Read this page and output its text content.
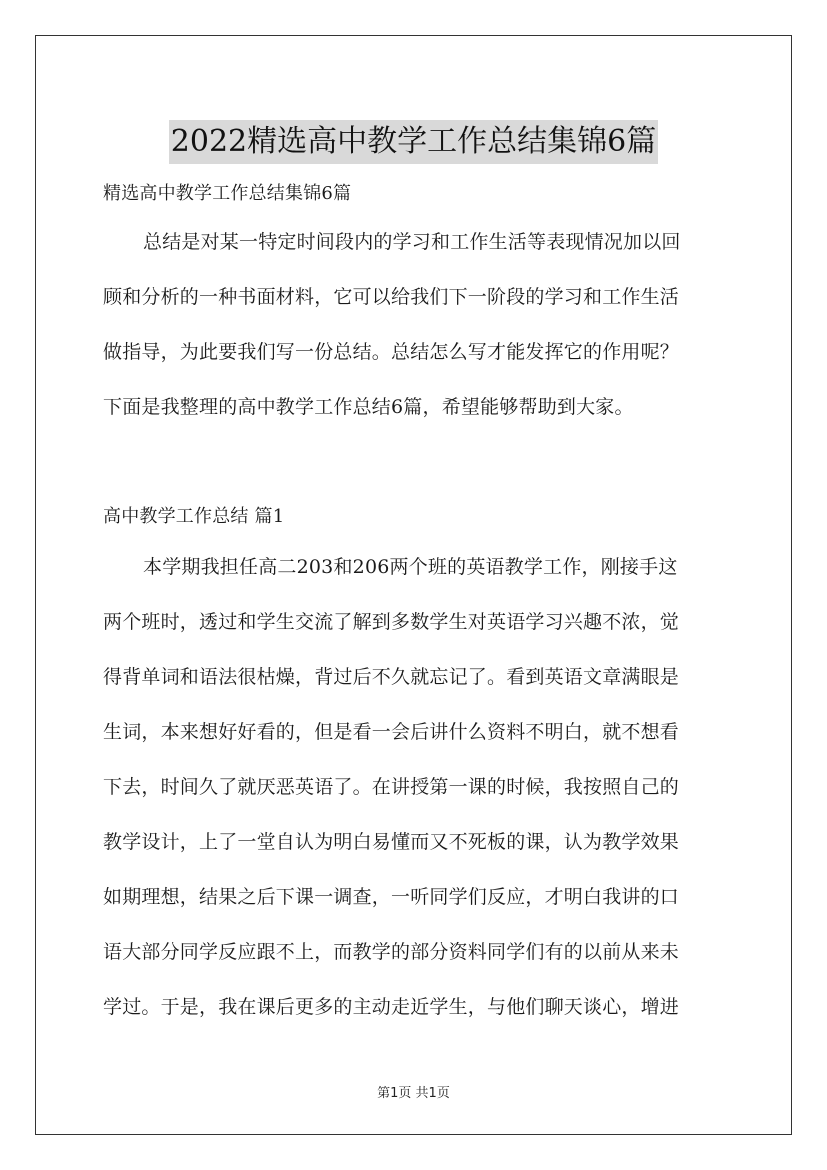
2022精选高中教学工作总结集锦6篇
精选高中教学工作总结集锦6篇
总结是对某一特定时间段内的学习和工作生活等表现情况加以回
顾和分析的一种书面材料，它可以给我们下一阶段的学习和工作生活
做指导，为此要我们写一份总结。总结怎么写才能发挥它的作用呢？
下面是我整理的高中教学工作总结6篇，希望能够帮助到大家。
高中教学工作总结 篇1
本学期我担任高二203和206两个班的英语教学工作，刚接手这
两个班时，透过和学生交流了解到多数学生对英语学习兴趣不浓，觉
得背单词和语法很枯燥，背过后不久就忘记了。看到英语文章满眼是
生词，本来想好好看的，但是看一会后讲什么资料不明白，就不想看
下去，时间久了就厌恶英语了。在讲授第一课的时候，我按照自己的
教学设计，上了一堂自认为明白易懂而又不死板的课，认为教学效果
如期理想，结果之后下课一调查，一听同学们反应，才明白我讲的口
语大部分同学反应跟不上，而教学的部分资料同学们有的以前从来未
学过。于是，我在课后更多的主动走近学生，与他们聊天谈心，增进
第1页 共1页
